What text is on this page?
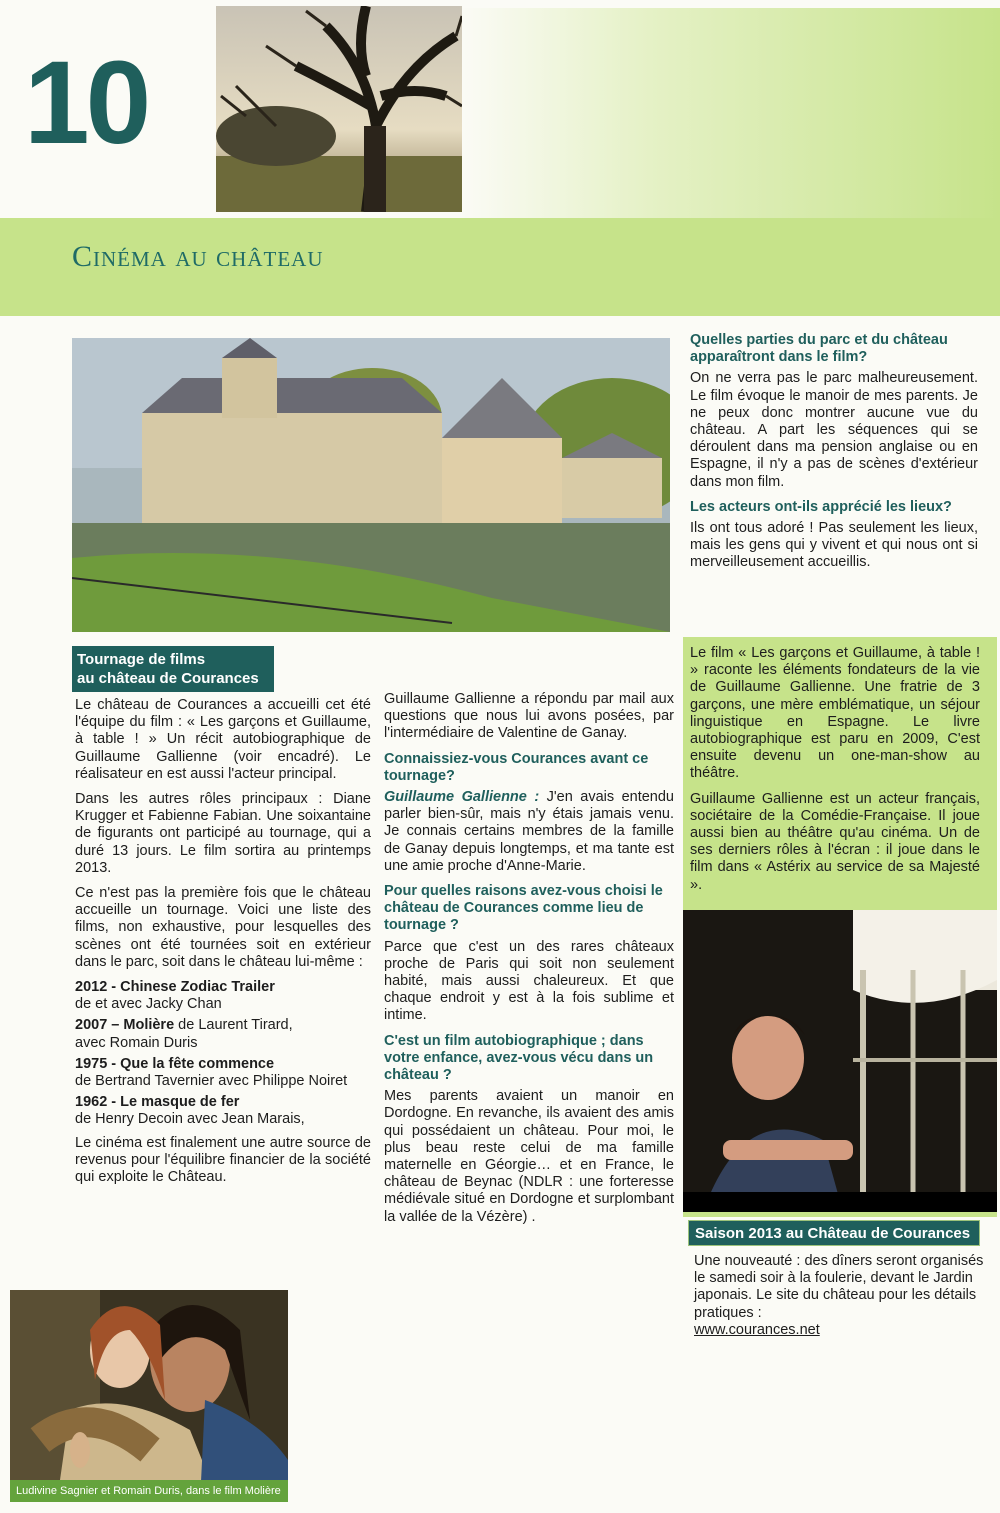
10
Cinéma au château
Quelles parties du parc et du château apparaîtront dans le film?

On ne verra pas le parc malheureusement. Le film évoque le manoir de mes parents. Je ne peux donc montrer aucune vue du château. A part les séquences qui se déroulent dans ma pension anglaise ou en Espagne, il n'y a pas de scènes d'extérieur dans mon film.

Les acteurs ont-ils apprécié les lieux?

Ils ont tous adoré ! Pas seulement les lieux, mais les gens qui y vivent et qui nous ont si merveilleusement accueillis.

Tournage de films
au château de Courances

Le château de Courances a accueilli cet été l'équipe du film : « Les garçons et Guillaume, à table ! » Un récit autobiographique de Guillaume Gallienne (voir encadré). Le réalisateur en est aussi l'acteur principal.

Dans les autres rôles principaux : Diane Krugger et Fabienne Fabian. Une soixantaine de figurants ont participé au tournage, qui a duré 13 jours. Le film sortira au printemps 2013.

Ce n'est pas la première fois que le château accueille un tournage. Voici une liste des films, non exhaustive, pour lesquelles des scènes ont été tournées soit en extérieur dans le parc, soit dans le château lui-même :

2012 - Chinese Zodiac Trailer
de et avec Jacky Chan
2007 – Molière de Laurent Tirard,
avec Romain Duris
1975 - Que la fête commence
de Bertrand Tavernier avec Philippe Noiret
1962 - Le masque de fer
de Henry Decoin avec Jean Marais,

Le cinéma est finalement une autre source de revenus pour l'équilibre financier de la société qui exploite le Château.

Guillaume Gallienne a répondu par mail aux questions que nous lui avons posées, par l'intermédiaire de Valentine de Ganay.

Connaissiez-vous Courances avant ce tournage?

Guillaume Gallienne : J'en avais entendu parler bien-sûr, mais n'y étais jamais venu. Je connais certains membres de la famille de Ganay depuis longtemps, et ma tante est une amie proche d'Anne-Marie.

Pour quelles raisons avez-vous choisi le château de Courances comme lieu de tournage ?

Parce que c'est un des rares châteaux proche de Paris qui soit non seulement habité, mais aussi chaleureux. Et que chaque endroit y est à la fois sublime et intime.

C'est un film autobiographique ; dans votre enfance, avez-vous vécu dans un château ?

Mes parents avaient un manoir en Dordogne. En revanche, ils avaient des amis qui possédaient un château. Pour moi, le plus beau reste celui de ma famille maternelle en Géorgie… et en France, le château de Beynac (NDLR : une forteresse médiévale situé en Dordogne et surplombant la vallée de la Vézère) .

Le film « Les garçons et Guillaume, à table ! » raconte les éléments fondateurs de la vie de Guillaume Gallienne. Une fratrie de 3 garçons, une mère emblématique, un séjour linguistique en Espagne. Le livre autobiographique est paru en 2009, C'est ensuite devenu un one-man-show au théâtre.

Guillaume Gallienne est un acteur français, sociétaire de la Comédie-Française. Il joue aussi bien au théâtre qu'au cinéma. Un de ses derniers rôles à l'écran : il joue dans le film dans « Astérix au service de sa Majesté ».

Saison 2013 au Château de Courances
Une nouveauté : des dîners seront organisés le samedi soir à la foulerie, devant le Jardin japonais. Le site du château pour les détails pratiques :
www.courances.net
Ludivine Sagnier et Romain Duris, dans le film Molière
